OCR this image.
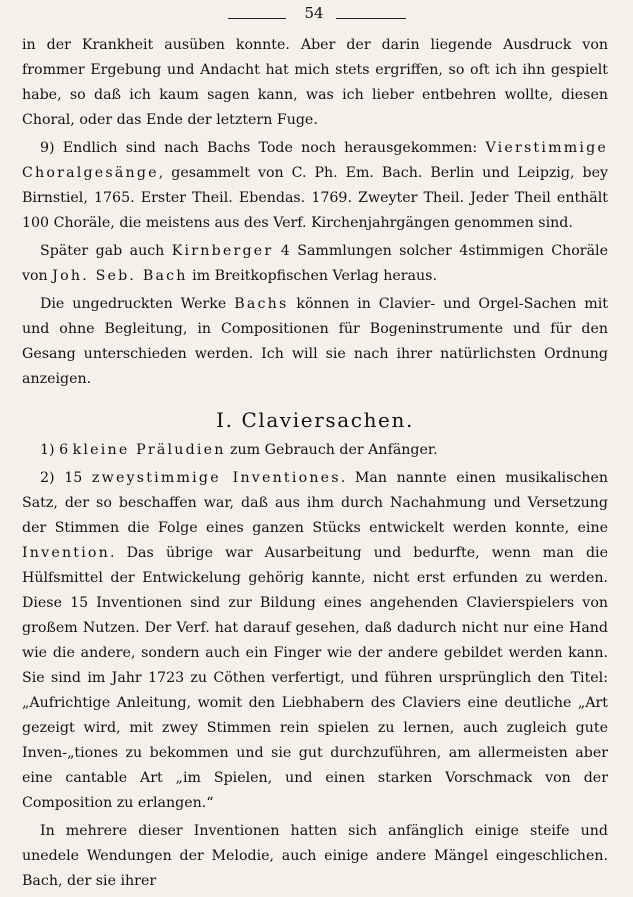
54

in der Krankheit ausüben konnte. Aber der darin liegende Ausdruck von frommer Ergebung und Andacht hat mich stets ergriffen, so oft ich ihn gespielt habe, so daß ich kaum sagen kann, was ich lieber entbehren wollte, diesen Choral, oder das Ende der letztern Fuge.

9) Endlich sind nach Bachs Tode noch herausgekommen: Vierstimmige Choralgesänge, gesammelt von C. Ph. Em. Bach. Berlin und Leipzig, bey Birnstiel, 1765. Erster Theil. Ebendas. 1769. Zweyter Theil. Jeder Theil enthält 100 Choräle, die meistens aus des Verf. Kirchenjahrgängen genommen sind.

Später gab auch Kirnberger 4 Sammlungen solcher 4stimmigen Choräle von Joh. Seb. Bach im Breitkopfischen Verlag heraus.

Die ungedruckten Werke Bachs können in Clavier- und Orgel-Sachen mit und ohne Begleitung, in Compositionen für Bogeninstrumente und für den Gesang unterschieden werden. Ich will sie nach ihrer natürlichsten Ordnung anzeigen.

I. Claviersachen.

1) 6 kleine Präludien zum Gebrauch der Anfänger.

2) 15 zweystimmige Inventiones. Man nannte einen musikalischen Satz, der so beschaffen war, daß aus ihm durch Nachahmung und Versetzung der Stimmen die Folge eines ganzen Stücks entwickelt werden konnte, eine Invention. Das übrige war Ausarbeitung und bedurfte, wenn man die Hülfsmittel der Entwickelung gehörig kannte, nicht erst erfunden zu werden. Diese 15 Inventionen sind zur Bildung eines angehenden Clavierspielers von großem Nutzen. Der Verf. hat darauf gesehen, daß dadurch nicht nur eine Hand wie die andere, sondern auch ein Finger wie der andere gebildet werden kann. Sie sind im Jahr 1723 zu Cöthen verfertigt, und führen ursprünglich den Titel: „Aufrichtige Anleitung, womit den Liebhabern des Claviers eine deutliche „Art gezeigt wird, mit zwey Stimmen rein spielen zu lernen, auch zugleich gute Inven-„tiones zu bekommen und sie gut durchzuführen, am allermeisten aber eine cantable Art „im Spielen, und einen starken Vorschmack von der Composition zu erlangen.“

In mehrere dieser Inventionen hatten sich anfänglich einige steife und unedele Wendungen der Melodie, auch einige andere Mängel eingeschlichen. Bach, der sie ihrer
